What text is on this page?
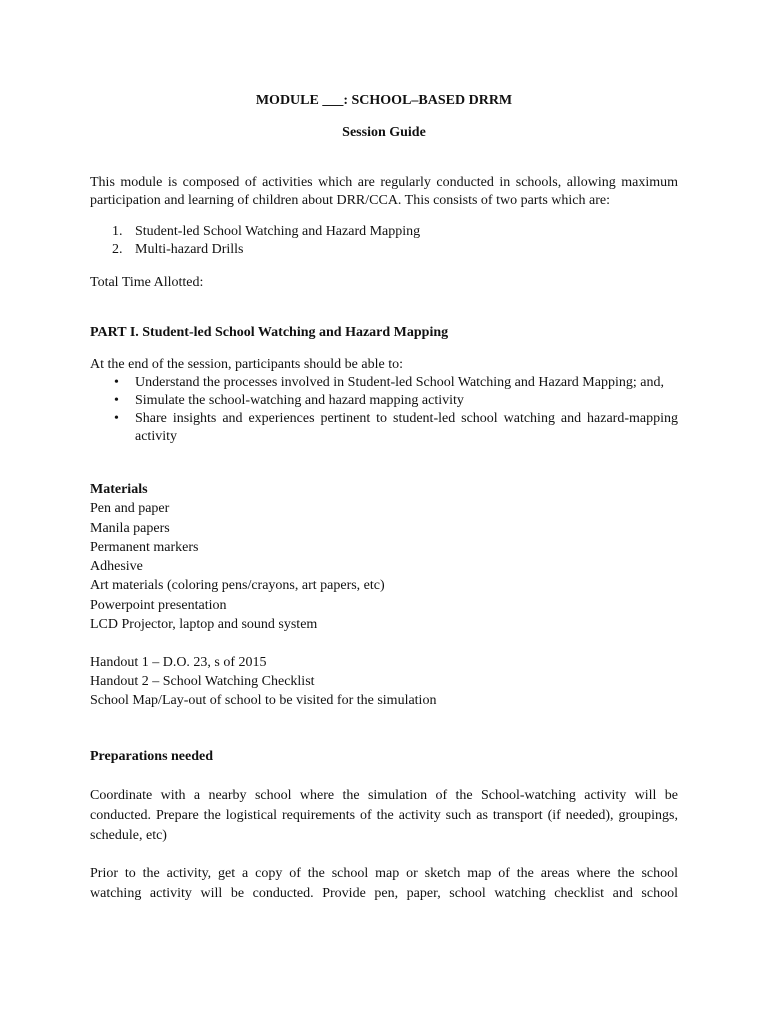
MODULE ___: SCHOOL–BASED DRRM
Session Guide
This module is composed of activities which are regularly conducted in schools, allowing maximum participation and learning of children about DRR/CCA. This consists of two parts which are:
1. Student-led School Watching and Hazard Mapping
2. Multi-hazard Drills
Total Time Allotted:
PART I. Student-led School Watching and Hazard Mapping
At the end of the session, participants should be able to:
• Understand the processes involved in Student-led School Watching and Hazard Mapping; and,
• Simulate the school-watching and hazard mapping activity
• Share insights and experiences pertinent to student-led school watching and hazard-mapping activity
Materials
Pen and paper
Manila papers
Permanent markers
Adhesive
Art materials (coloring pens/crayons, art papers, etc)
Powerpoint presentation
LCD Projector, laptop and sound system
Handout 1 – D.O. 23, s of 2015
Handout 2 – School Watching Checklist
School Map/Lay-out of school to be visited for the simulation
Preparations needed
Coordinate with a nearby school where the simulation of the School-watching activity will be conducted. Prepare the logistical requirements of the activity such as transport (if needed), groupings, schedule, etc)
Prior to the activity, get a copy of the school map or sketch map of the areas where the school
watching activity will be conducted. Provide pen, paper, school watching checklist and school
